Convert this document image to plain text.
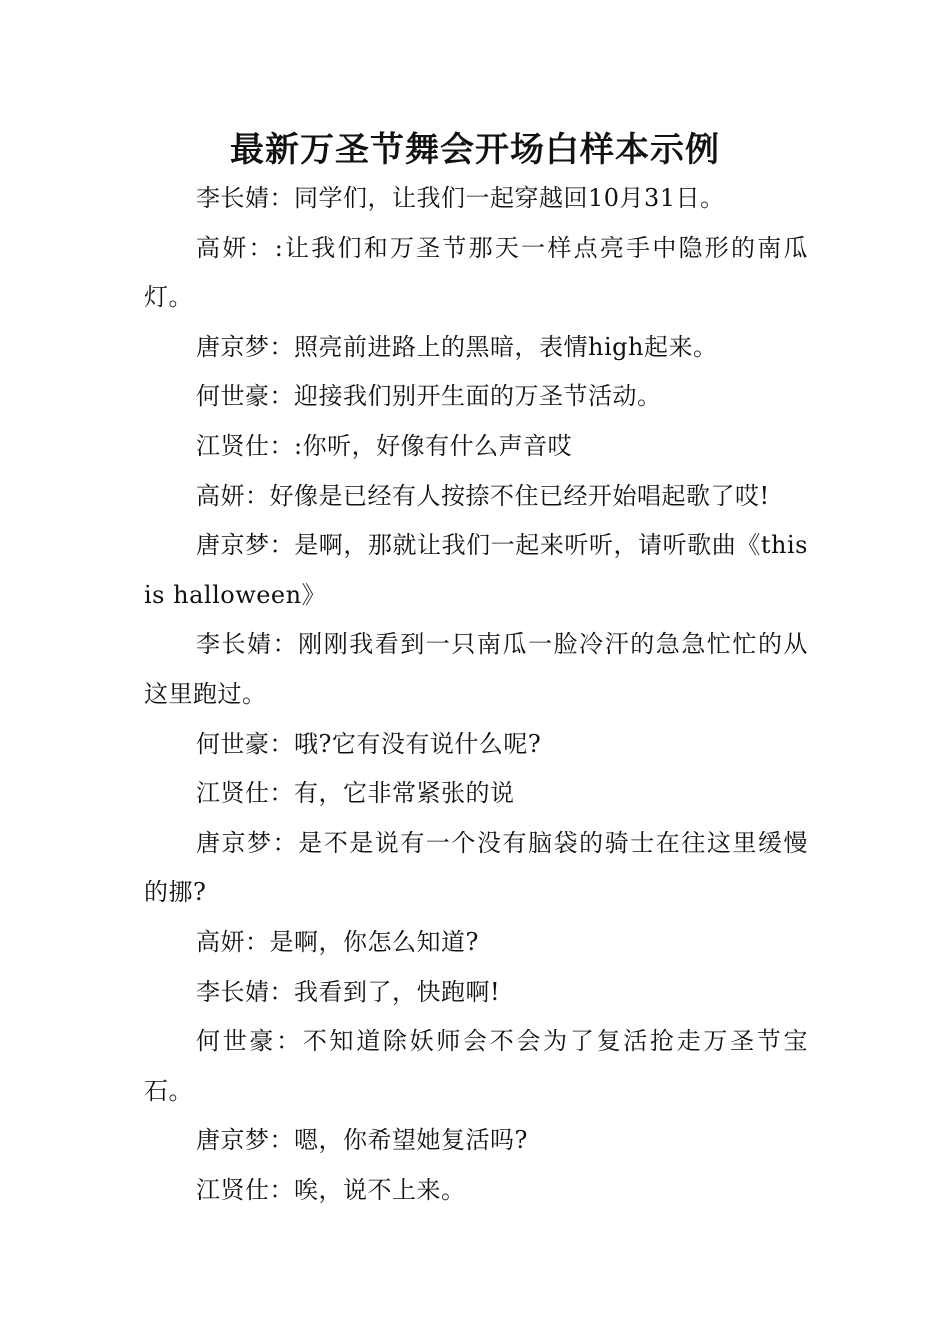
最新万圣节舞会开场白样本示例

李长婧：同学们，让我们一起穿越回10月31日。

高妍：:让我们和万圣节那天一样点亮手中隐形的南瓜灯。

唐京梦：照亮前进路上的黑暗，表情high起来。

何世豪：迎接我们别开生面的万圣节活动。

江贤仕：:你听，好像有什么声音哎

高妍：好像是已经有人按捺不住已经开始唱起歌了哎!

唐京梦：是啊，那就让我们一起来听听，请听歌曲《this is halloween》

李长婧：刚刚我看到一只南瓜一脸冷汗的急急忙忙的从这里跑过。

何世豪：哦?它有没有说什么呢?

江贤仕：有，它非常紧张的说

唐京梦：是不是说有一个没有脑袋的骑士在往这里缓慢的挪?

高妍：是啊，你怎么知道?

李长婧：我看到了，快跑啊!

何世豪：不知道除妖师会不会为了复活抢走万圣节宝石。

唐京梦：嗯，你希望她复活吗?

江贤仕：唉，说不上来。
